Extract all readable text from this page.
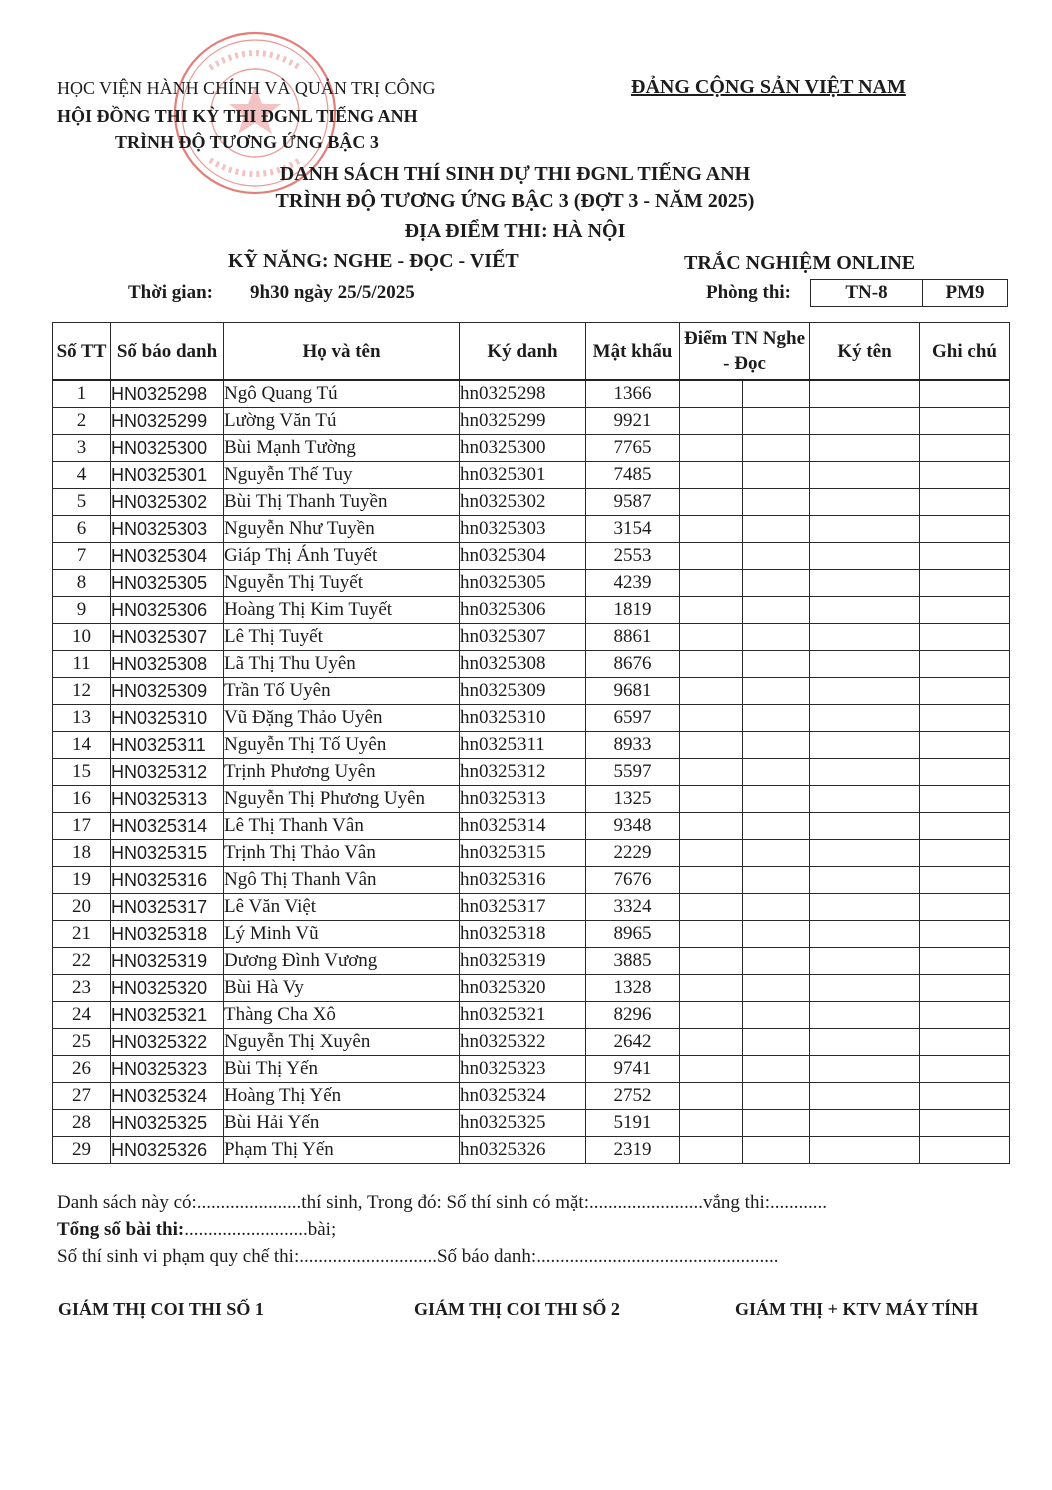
HỌC VIỆN HÀNH CHÍNH VÀ QUẢN TRỊ CÔNG
HỘI ĐỒNG THI KỲ THI ĐGNL TIẾNG ANH
TRÌNH ĐỘ TƯƠNG ỨNG BẬC 3
ĐẢNG CỘNG SẢN VIỆT NAM
DANH SÁCH THÍ SINH DỰ THI ĐGNL TIẾNG ANH
TRÌNH ĐỘ TƯƠNG ỨNG BẬC 3 (ĐỢT 3 - NĂM 2025)
ĐỊA ĐIỂM THI: HÀ NỘI
KỸ NĂNG: NGHE - ĐỌC - VIẾT	TRẮC NGHIỆM ONLINE
Thời gian: 9h30 ngày 25/5/2025	Phòng thi:	TN-8	PM9
Số TT	Số báo danh	Họ và tên	Ký danh	Mật khẩu	Điểm TN Nghe - Đọc		Ký tên	Ghi chú
1	HN0325298	Ngô Quang Tú	hn0325298	1366				
2	HN0325299	Lường Văn Tú	hn0325299	9921				
3	HN0325300	Bùi Mạnh Tường	hn0325300	7765				
4	HN0325301	Nguyễn Thế Tuy	hn0325301	7485				
5	HN0325302	Bùi Thị Thanh Tuyền	hn0325302	9587				
6	HN0325303	Nguyễn Như Tuyền	hn0325303	3154				
7	HN0325304	Giáp Thị Ánh Tuyết	hn0325304	2553				
8	HN0325305	Nguyễn Thị Tuyết	hn0325305	4239				
9	HN0325306	Hoàng Thị Kim Tuyết	hn0325306	1819				
10	HN0325307	Lê Thị Tuyết	hn0325307	8861				
11	HN0325308	Lã Thị Thu Uyên	hn0325308	8676				
12	HN0325309	Trần Tố Uyên	hn0325309	9681				
13	HN0325310	Vũ Đặng Thảo Uyên	hn0325310	6597				
14	HN0325311	Nguyễn Thị Tố Uyên	hn0325311	8933				
15	HN0325312	Trịnh Phương Uyên	hn0325312	5597				
16	HN0325313	Nguyễn Thị Phương Uyên	hn0325313	1325				
17	HN0325314	Lê Thị Thanh Vân	hn0325314	9348				
18	HN0325315	Trịnh Thị Thảo Vân	hn0325315	2229				
19	HN0325316	Ngô Thị Thanh Vân	hn0325316	7676				
20	HN0325317	Lê Văn Việt	hn0325317	3324				
21	HN0325318	Lý Minh Vũ	hn0325318	8965				
22	HN0325319	Dương Đình Vương	hn0325319	3885				
23	HN0325320	Bùi Hà Vy	hn0325320	1328				
24	HN0325321	Thàng Cha Xô	hn0325321	8296				
25	HN0325322	Nguyễn Thị Xuyên	hn0325322	2642				
26	HN0325323	Bùi Thị Yến	hn0325323	9741				
27	HN0325324	Hoàng Thị Yến	hn0325324	2752				
28	HN0325325	Bùi Hải Yến	hn0325325	5191				
29	HN0325326	Phạm Thị Yến	hn0325326	2319				
Danh sách này có:......................thí sinh, Trong đó: Số thí sinh có mặt:........................vắng thi:............
Tổng số bài thi:..........................bài;
Số thí sinh vi phạm quy chế thi:.............................Số báo danh:...................................................
GIÁM THỊ COI THI SỐ 1	GIÁM THỊ COI THI SỐ 2	GIÁM THỊ + KTV MÁY TÍNH
